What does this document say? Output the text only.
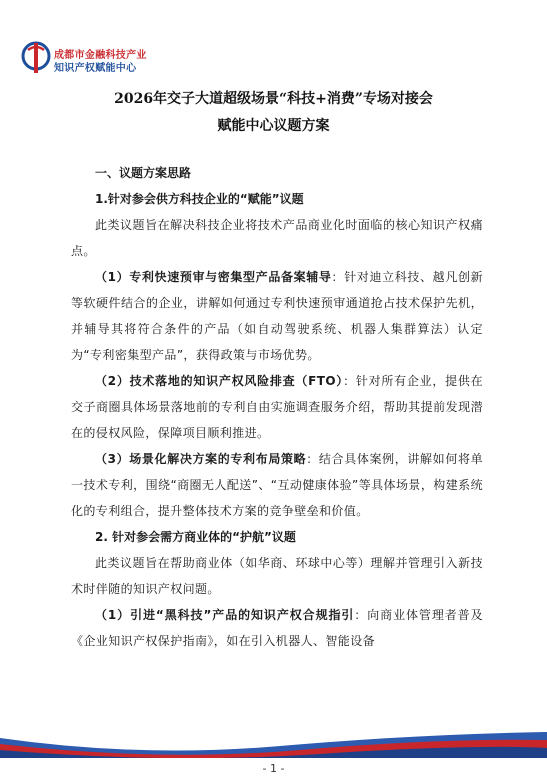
成都市金融科技产业
知识产权赋能中心
2026年交子大道超级场景“科技+消费”专场对接会
赋能中心议题方案

一、议题方案思路

1.针对参会供方科技企业的“赋能”议题

此类议题旨在解决科技企业将技术产品商业化时面临的核心知识产权痛点。

（1）专利快速预审与密集型产品备案辅导：针对迪立科技、越凡创新等软硬件结合的企业，讲解如何通过专利快速预审通道抢占技术保护先机，并辅导其将符合条件的产品（如自动驾驶系统、机器人集群算法）认定为“专利密集型产品”，获得政策与市场优势。

（2）技术落地的知识产权风险排查（FTO）：针对所有企业，提供在交子商圈具体场景落地前的专利自由实施调查服务介绍，帮助其提前发现潜在的侵权风险，保障项目顺利推进。

（3）场景化解决方案的专利布局策略：结合具体案例，讲解如何将单一技术专利，围绕“商圈无人配送”、“互动健康体验”等具体场景，构建系统化的专利组合，提升整体技术方案的竞争壁垒和价值。

2. 针对参会需方商业体的“护航”议题

此类议题旨在帮助商业体（如华商、环球中心等）理解并管理引入新技术时伴随的知识产权问题。

（1）引进“黑科技”产品的知识产权合规指引：向商业体管理者普及《企业知识产权保护指南》，如在引入机器人、智能设备

- 1 -
